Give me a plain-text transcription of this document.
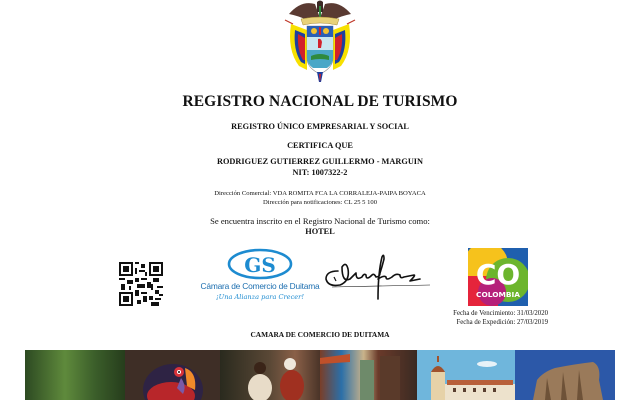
REGISTRO NACIONAL DE TURISMO
REGISTRO ÚNICO EMPRESARIAL Y SOCIAL
CERTIFICA QUE
RODRIGUEZ GUTIERREZ GUILLERMO - MARGUIN
NIT: 1007322-2
Dirección Comercial: VDA ROMITA FCA LA CORRALEJA-PAIPA BOYACA
Dirección para notificaciones: CL 25 5 100
Se encuentra inscrito en el Registro Nacional de Turismo como:
HOTEL
GS
Cámara de Comercio de Duitama
¡Una Alianza para Crecer!
CO
COLOMBIA
Fecha de Vencimiento: 31/03/2020
Fecha de Expedición: 27/03/2019
CAMARA DE COMERCIO DE DUITAMA
